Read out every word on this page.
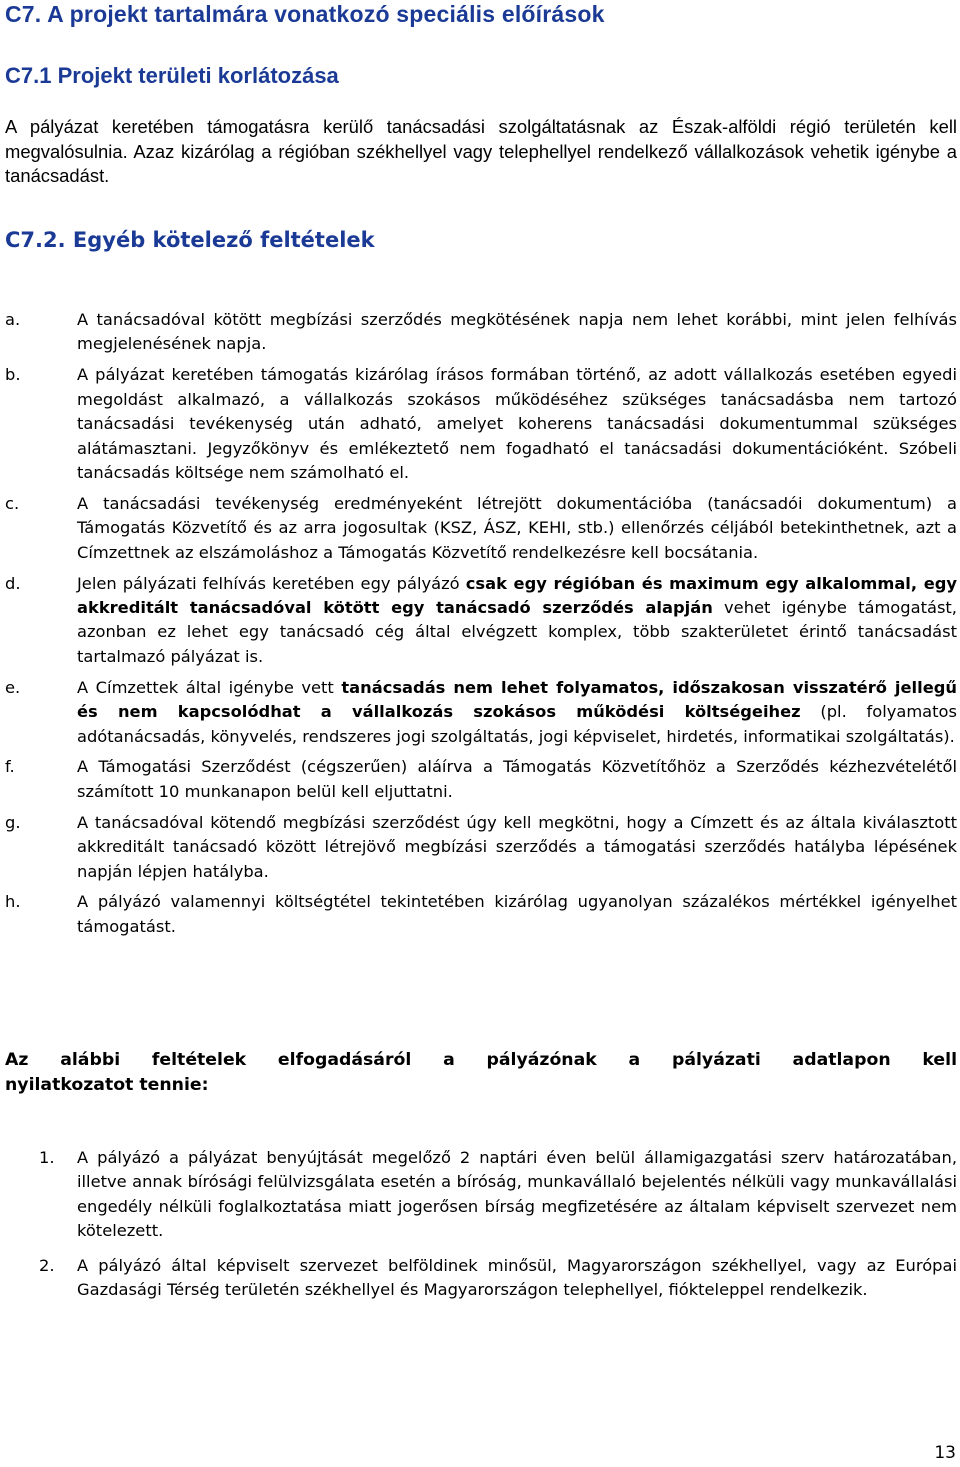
C7. A projekt tartalmára vonatkozó speciális előírások
C7.1 Projekt területi korlátozása

A pályázat keretében támogatásra kerülő tanácsadási szolgáltatásnak az Észak-alföldi régió területén kell megvalósulnia. Azaz kizárólag a régióban székhellyel vagy telephellyel rendelkező vállalkozások vehetik igénybe a tanácsadást.

C7.2. Egyéb kötelező feltételek
a.	A tanácsadóval kötött megbízási szerződés megkötésének napja nem lehet korábbi, mint jelen felhívás megjelenésének napja.
b.	A pályázat keretében támogatás kizárólag írásos formában történő, az adott vállalkozás esetében egyedi megoldást alkalmazó, a vállalkozás szokásos működéséhez szükséges tanácsadásba nem tartozó tanácsadási tevékenység után adható, amelyet koherens tanácsadási dokumentummal szükséges alátámasztani. Jegyzőkönyv és emlékeztető nem fogadható el tanácsadási dokumentációként. Szóbeli tanácsadás költsége nem számolható el.
c.	A tanácsadási tevékenység eredményeként létrejött dokumentációba (tanácsadói dokumentum) a Támogatás Közvetítő és az arra jogosultak (KSZ, ÁSZ, KEHI, stb.) ellenőrzés céljából betekinthetnek, azt a Címzettnek az elszámoláshoz a Támogatás Közvetítő rendelkezésre kell bocsátania.
d.	Jelen pályázati felhívás keretében egy pályázó csak egy régióban és maximum egy alkalommal, egy akkreditált tanácsadóval kötött egy tanácsadó szerződés alapján vehet igénybe támogatást, azonban ez lehet egy tanácsadó cég által elvégzett komplex, több szakterületet érintő tanácsadást tartalmazó pályázat is.
e.	A Címzettek által igénybe vett tanácsadás nem lehet folyamatos, időszakosan visszatérő jellegű és nem kapcsolódhat a vállalkozás szokásos működési költségeihez (pl. folyamatos adótanácsadás, könyvelés, rendszeres jogi szolgáltatás, jogi képviselet, hirdetés, informatikai szolgáltatás).
f.	A Támogatási Szerződést (cégszerűen) aláírva a Támogatás Közvetítőhöz a Szerződés kézhezvételétől számított 10 munkanapon belül kell eljuttatni.
g.	A tanácsadóval kötendő megbízási szerződést úgy kell megkötni, hogy a Címzett és az általa kiválasztott akkreditált tanácsadó között létrejövő megbízási szerződés a támogatási szerződés hatályba lépésének napján lépjen hatályba.
h.	A pályázó valamennyi költségtétel tekintetében kizárólag ugyanolyan százalékos mértékkel igényelhet támogatást.

Az alábbi feltételek elfogadásáról a pályázónak a pályázati adatlapon kell
nyilatkozatot tennie:

1.	A pályázó a pályázat benyújtását megelőző 2 naptári éven belül államigazgatási szerv határozatában, illetve annak bírósági felülvizsgálata esetén a bíróság, munkavállaló bejelentés nélküli vagy munkavállalási engedély nélküli foglalkoztatása miatt jogerősen bírság megfizetésére az általam képviselt szervezet nem kötelezett.
2.	A pályázó által képviselt szervezet belföldinek minősül, Magyarországon székhellyel, vagy az Európai Gazdasági Térség területén székhellyel és Magyarországon telephellyel, fiókteleppel rendelkezik.
13
